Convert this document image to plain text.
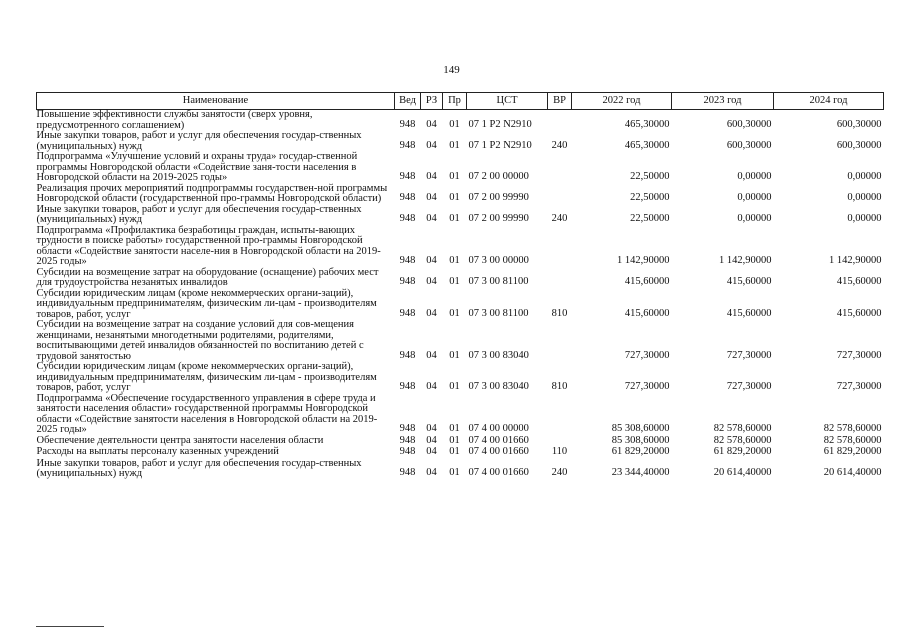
149
Наименование	Вед	РЗ	Пр	ЦСТ	ВР	2022 год	2023 год	2024 год
Повышение эффективности службы занятости (сверх уровня, предусмотренного соглашением)	948	04	01	07 1 P2 N2910		465,30000	600,30000	600,30000
Иные закупки товаров, работ и услуг для обеспечения государ-ственных (муниципальных) нужд	948	04	01	07 1 P2 N2910	240	465,30000	600,30000	600,30000
Подпрограмма «Улучшение условий и охраны труда» государ-ственной программы Новгородской области «Содействие заня-тости населения в Новгородской области на 2019-2025 годы»	948	04	01	07 2 00 00000		22,50000	0,00000	0,00000
Реализация прочих мероприятий подпрограммы государствен-ной программы Новгородской области (государственной про-граммы Новгородской области)	948	04	01	07 2 00 99990		22,50000	0,00000	0,00000
Иные закупки товаров, работ и услуг для обеспечения государ-ственных (муниципальных) нужд	948	04	01	07 2 00 99990	240	22,50000	0,00000	0,00000
Подпрограмма «Профилактика безработицы граждан, испыты-вающих трудности в поиске работы» государственной про-граммы Новгородской области «Содействие занятости населе-ния в Новгородской области на 2019-2025 годы»	948	04	01	07 3 00 00000		1 142,90000	1 142,90000	1 142,90000
Субсидии на возмещение затрат на оборудование (оснащение) рабочих мест для трудоустройства незанятых инвалидов	948	04	01	07 3 00 81100		415,60000	415,60000	415,60000
Субсидии юридическим лицам (кроме некоммерческих органи-заций), индивидуальным предпринимателям, физическим ли-цам - производителям товаров, работ, услуг	948	04	01	07 3 00 81100	810	415,60000	415,60000	415,60000
Субсидии на возмещение затрат на создание условий для сов-мещения женщинами, незанятыми многодетными родителями, родителями, воспитывающими детей инвалидов обязанностей по воспитанию детей с трудовой занятостью	948	04	01	07 3 00 83040		727,30000	727,30000	727,30000
Субсидии юридическим лицам (кроме некоммерческих органи-заций), индивидуальным предпринимателям, физическим ли-цам - производителям товаров, работ, услуг	948	04	01	07 3 00 83040	810	727,30000	727,30000	727,30000
Подпрограмма «Обеспечение государственного управления в сфере труда и занятости населения области» государственной программы Новгородской области «Содействие занятости населения в Новгородской области на 2019-2025 годы»	948	04	01	07 4 00 00000		85 308,60000	82 578,60000	82 578,60000
Обеспечение деятельности центра занятости населения области	948	04	01	07 4 00 01660		85 308,60000	82 578,60000	82 578,60000
Расходы на выплаты персоналу казенных учреждений	948	04	01	07 4 00 01660	110	61 829,20000	61 829,20000	61 829,20000
Иные закупки товаров, работ и услуг для обеспечения государ-ственных (муниципальных) нужд	948	04	01	07 4 00 01660	240	23 344,40000	20 614,40000	20 614,40000
